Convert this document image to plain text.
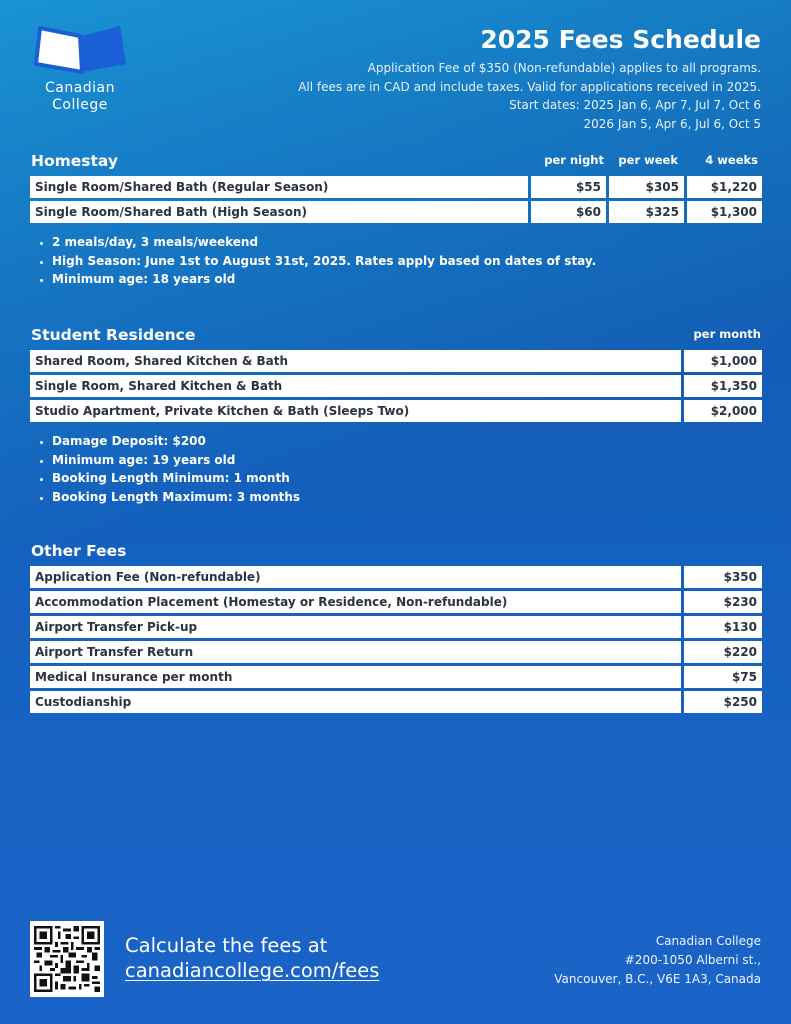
Canadian
College
2025 Fees Schedule
Application Fee of $350 (Non-refundable) applies to all programs.
All fees are in CAD and include taxes. Valid for applications received in 2025.
Start dates: 2025 Jan 6, Apr 7, Jul 7, Oct 6
2026 Jan 5, Apr 6, Jul 6, Oct 5
Homestay	per night per week 4 weeks
Single Room/Shared Bath (Regular Season)	$55	$305	$1,220
Single Room/Shared Bath (High Season)	$60	$325	$1,300
• 2 meals/day, 3 meals/weekend
• High Season: June 1st to August 31st, 2025. Rates apply based on dates of stay.
• Minimum age: 18 years old
Student Residence	per month
Shared Room, Shared Kitchen & Bath	$1,000
Single Room, Shared Kitchen & Bath	$1,350
Studio Apartment, Private Kitchen & Bath (Sleeps Two)	$2,000
• Damage Deposit: $200
• Minimum age: 19 years old
• Booking Length Minimum: 1 month
• Booking Length Maximum: 3 months
Other Fees
Application Fee (Non-refundable)	$350
Accommodation Placement (Homestay or Residence, Non-refundable)	$230
Airport Transfer Pick-up	$130
Airport Transfer Return	$220
Medical Insurance per month	$75
Custodianship	$250
Calculate the fees at
canadiancollege.com/fees
Canadian College
#200-1050 Alberni st.,
Vancouver, B.C., V6E 1A3, Canada
